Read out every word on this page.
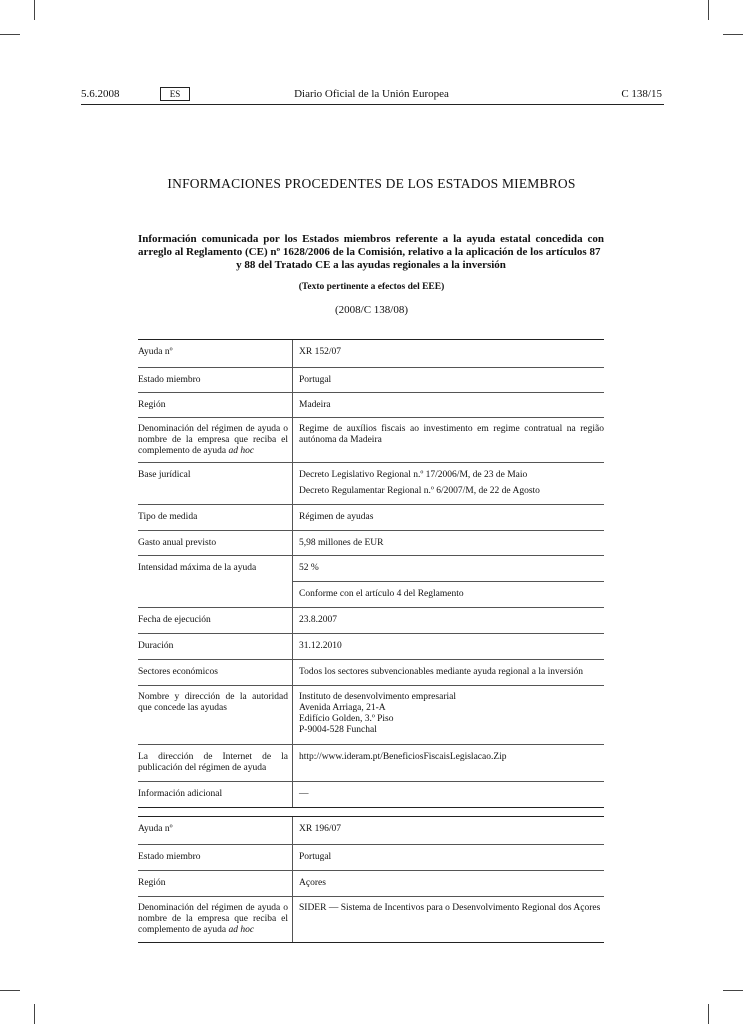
5.6.2008	ES	Diario Oficial de la Unión Europea	C 138/15
INFORMACIONES PROCEDENTES DE LOS ESTADOS MIEMBROS
Información comunicada por los Estados miembros referente a la ayuda estatal concedida con arreglo al Reglamento (CE) nº 1628/2006 de la Comisión, relativo a la aplicación de los artículos 87
y 88 del Tratado CE a las ayudas regionales a la inversión
(Texto pertinente a efectos del EEE)
(2008/C 138/08)
Ayuda nº	XR 152/07
Estado miembro	Portugal
Región	Madeira
Denominación del régimen de ayuda o nombre de la empresa que reciba el complemento de ayuda ad hoc	Regime de auxílios fiscais ao investimento em regime contratual na região autónoma da Madeira
Base jurídical	Decreto Legislativo Regional n.º 17/2006/M, de 23 de Maio
Decreto Regulamentar Regional n.º 6/2007/M, de 22 de Agosto

Tipo de medida	Régimen de ayudas
Gasto anual previsto	5,98 millones de EUR
Intensidad máxima de la ayuda	52 %
	Conforme con el artículo 4 del Reglamento
Fecha de ejecución	23.8.2007
Duración	31.12.2010
Sectores económicos	Todos los sectores subvencionables mediante ayuda regional a la inversión
Nombre y dirección de la autoridad que concede las ayudas	Instituto de desenvolvimento empresarial
Avenida Arriaga, 21-A
Edifício Golden, 3.º Piso
P-9004-528 Funchal

La dirección de Internet de la publicación del régimen de ayuda	http://www.ideram.pt/BeneficiosFiscaisLegislacao.Zip
Información adicional	—
Ayuda nº	XR 196/07
Estado miembro	Portugal
Región	Açores
Denominación del régimen de ayuda o nombre de la empresa que reciba el complemento de ayuda ad hoc	SIDER — Sistema de Incentivos para o Desenvolvimento Regional dos Açores
